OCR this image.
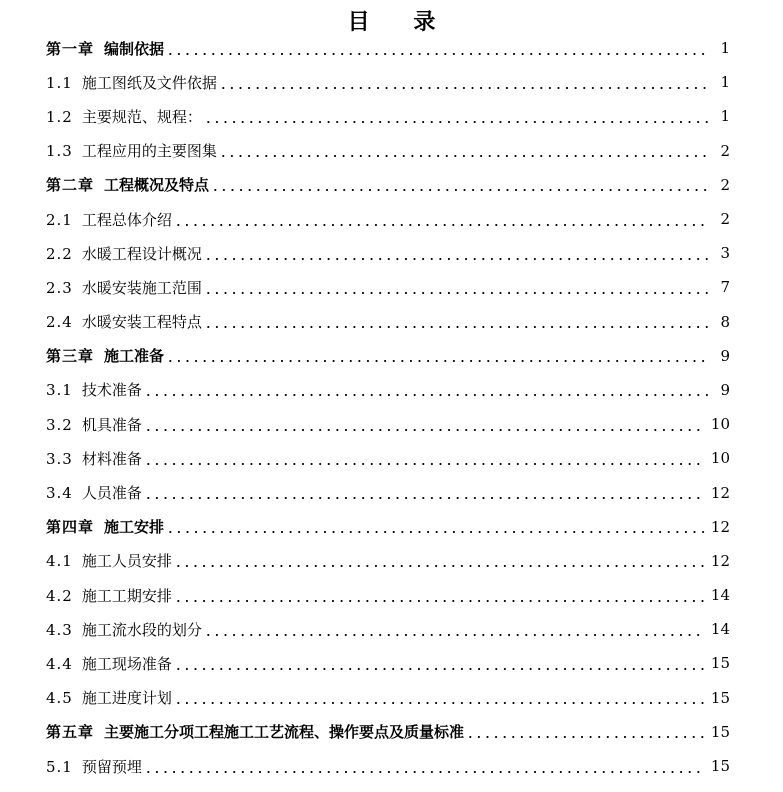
目 录
第一章 编制依据	1
1.1 施工图纸及文件依据	1
1.2 主要规范、规程：	1
1.3 工程应用的主要图集	2
第二章 工程概况及特点	2
2.1 工程总体介绍	2
2.2 水暖工程设计概况	3
2.3 水暖安装施工范围	7
2.4 水暖安装工程特点	8
第三章 施工准备	9
3.1 技术准备	9
3.2 机具准备	10
3.3 材料准备	10
3.4 人员准备	12
第四章 施工安排	12
4.1 施工人员安排	12
4.2 施工工期安排	14
4.3 施工流水段的划分	14
4.4 施工现场准备	15
4.5 施工进度计划	15
第五章 主要施工分项工程施工工艺流程、操作要点及质量标准	15
5.1 预留预埋	15
